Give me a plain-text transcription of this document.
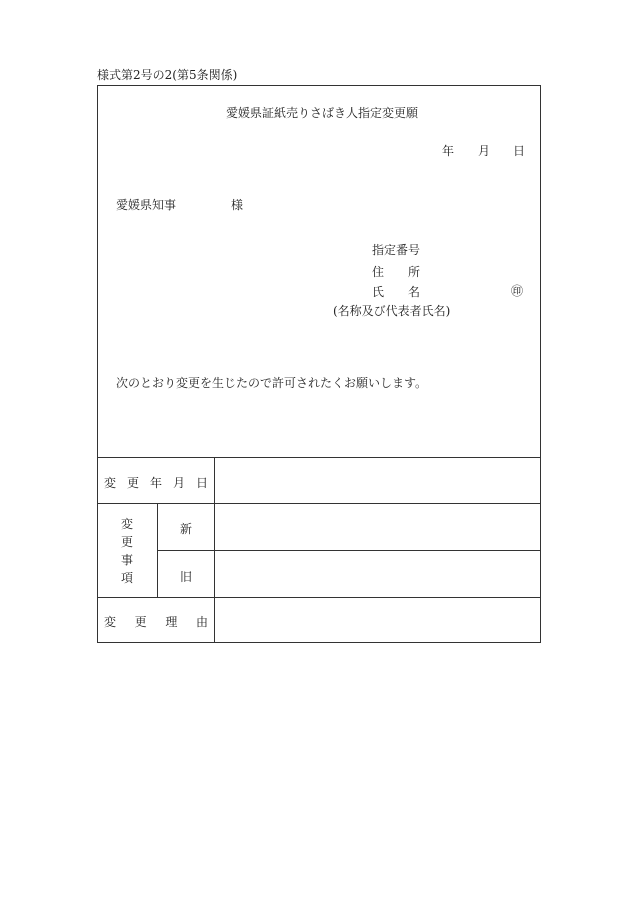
様式第2号の2(第5条関係)
愛媛県証紙売りさばき人指定変更願
年 月 日
愛媛県知事	様
指定番号
住 所
氏 名	㊞
(名称及び代表者氏名)
次のとおり変更を生じたので許可されたくお願いします。
変 更 年 月 日
変
更
事
項
新
旧
変 更 理 由
